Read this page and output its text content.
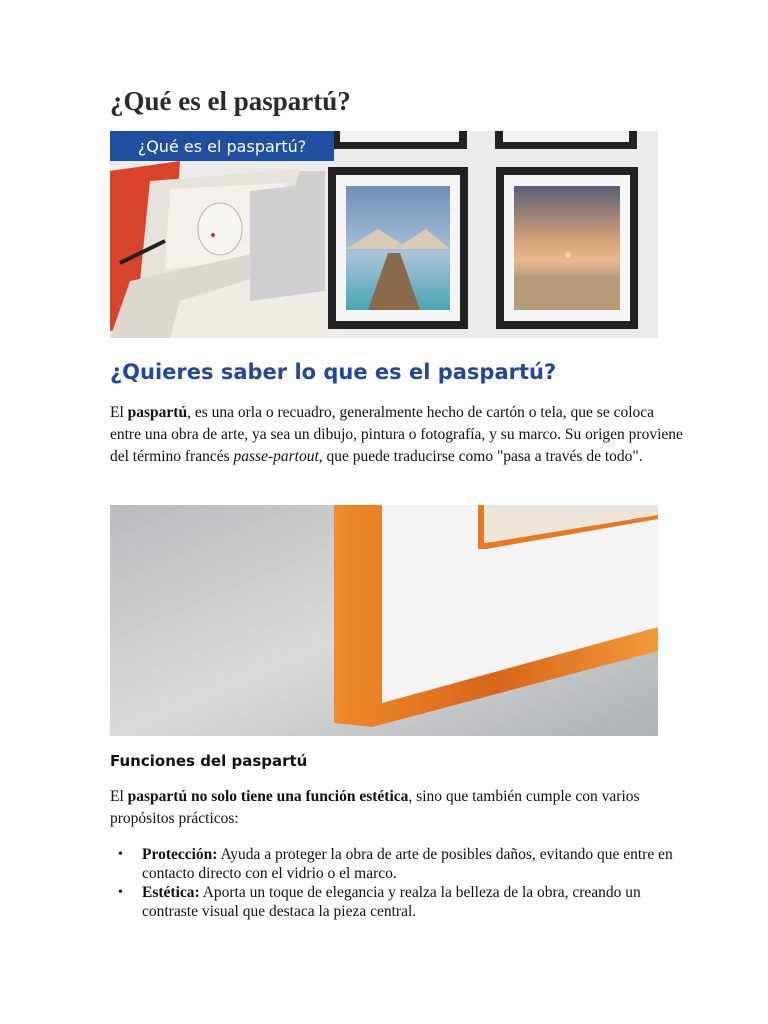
¿Qué es el paspartú?
¿Qué es el paspartú?
¿Quieres saber lo que es el paspartú?

El paspartú, es una orla o recuadro, generalmente hecho de cartón o tela, que se coloca entre una obra de arte, ya sea un dibujo, pintura o fotografía, y su marco. Su origen proviene del término francés passe-partout, que puede traducirse como "pasa a través de todo".

Funciones del paspartú

El paspartú no solo tiene una función estética, sino que también cumple con varios propósitos prácticos:

• Protección: Ayuda a proteger la obra de arte de posibles daños, evitando que entre en contacto directo con el vidrio o el marco.
• Estética: Aporta un toque de elegancia y realza la belleza de la obra, creando un contraste visual que destaca la pieza central.
